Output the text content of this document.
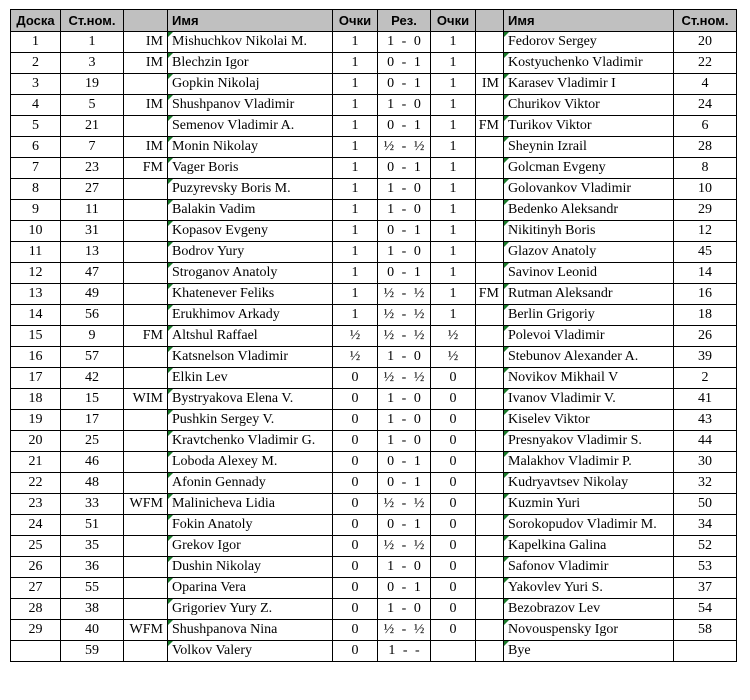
Доска	Ст.ном.		Имя	Очки	Рез.	Очки		Имя	Ст.ном.
1	1	IM	Mishuchkov Nikolai M.	1	1 - 0	1		Fedorov Sergey	20
2	3	IM	Blechzin Igor	1	0 - 1	1		Kostyuchenko Vladimir	22
3	19		Gopkin Nikolaj	1	0 - 1	1	IM	Karasev Vladimir I	4
4	5	IM	Shushpanov Vladimir	1	1 - 0	1		Churikov Viktor	24
5	21		Semenov Vladimir A.	1	0 - 1	1	FM	Turikov Viktor	6
6	7	IM	Monin Nikolay	1	½ - ½	1		Sheynin Izrail	28
7	23	FM	Vager Boris	1	0 - 1	1		Golcman Evgeny	8
8	27		Puzyrevsky Boris M.	1	1 - 0	1		Golovankov Vladimir	10
9	11		Balakin Vadim	1	1 - 0	1		Bedenko Aleksandr	29
10	31		Kopasov Evgeny	1	0 - 1	1		Nikitinyh Boris	12
11	13		Bodrov Yury	1	1 - 0	1		Glazov Anatoly	45
12	47		Stroganov Anatoly	1	0 - 1	1		Savinov Leonid	14
13	49		Khatenever Feliks	1	½ - ½	1	FM	Rutman Aleksandr	16
14	56		Erukhimov Arkady	1	½ - ½	1		Berlin Grigoriy	18
15	9	FM	Altshul Raffael	½	½ - ½	½		Polevoi Vladimir	26
16	57		Katsnelson Vladimir	½	1 - 0	½		Stebunov Alexander A.	39
17	42		Elkin Lev	0	½ - ½	0		Novikov Mikhail V	2
18	15	WIM	Bystryakova Elena V.	0	1 - 0	0		Ivanov Vladimir V.	41
19	17		Pushkin Sergey V.	0	1 - 0	0		Kiselev Viktor	43
20	25		Kravtchenko Vladimir G.	0	1 - 0	0		Presnyakov Vladimir S.	44
21	46		Loboda Alexey M.	0	0 - 1	0		Malakhov Vladimir P.	30
22	48		Afonin Gennady	0	0 - 1	0		Kudryavtsev Nikolay	32
23	33	WFM	Malinicheva Lidia	0	½ - ½	0		Kuzmin Yuri	50
24	51		Fokin Anatoly	0	0 - 1	0		Sorokopudov Vladimir M.	34
25	35		Grekov Igor	0	½ - ½	0		Kapelkina Galina	52
26	36		Dushin Nikolay	0	1 - 0	0		Safonov Vladimir	53
27	55		Oparina Vera	0	0 - 1	0		Yakovlev Yuri S.	37
28	38		Grigoriev Yury Z.	0	1 - 0	0		Bezobrazov Lev	54
29	40	WFM	Shushpanova Nina	0	½ - ½	0		Novouspensky Igor	58
	59		Volkov Valery	0	1 - -			Bye	
